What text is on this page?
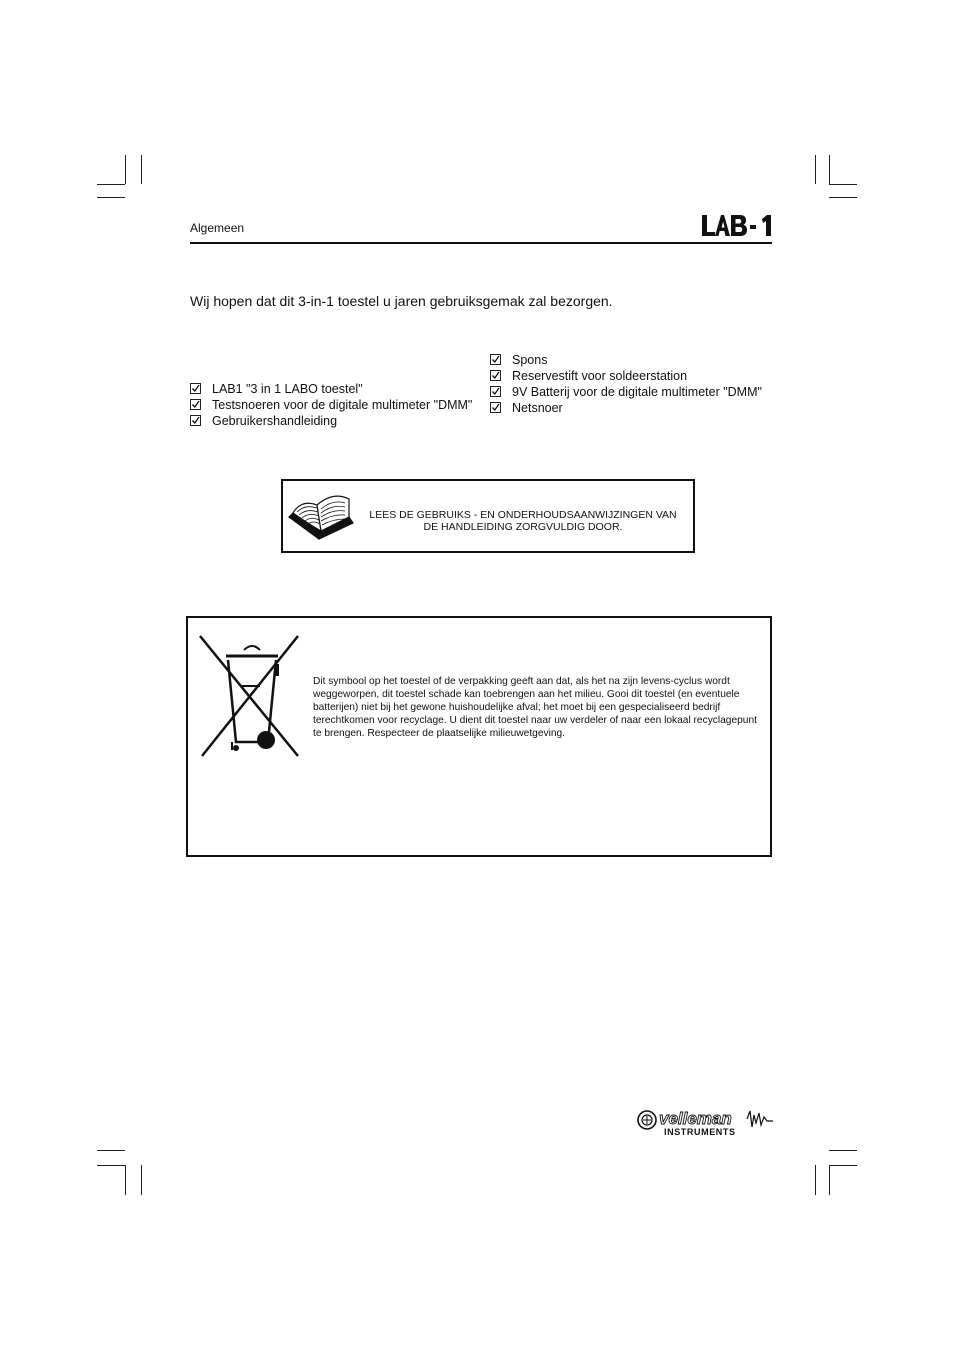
Algemeen

Wij hopen dat dit 3-in-1 toestel u jaren gebruiksgemak zal bezorgen.

LAB1 "3 in 1 LABO toestel"
Testsnoeren voor de digitale multimeter "DMM"
Gebruikershandleiding
Spons
Reservestift voor soldeerstation
9V Batterij voor de digitale multimeter "DMM"
Netsnoer
LEES DE GEBRUIKS - EN ONDERHOUDSAANWIJZINGEN VAN
DE HANDLEIDING ZORGVULDIG DOOR.

Dit symbool op het toestel of de verpakking geeft aan dat, als het na zijn levens-cyclus wordt weggeworpen, dit toestel schade kan toebrengen aan het milieu. Gooi dit toestel (en eventuele batterijen) niet bij het gewone huishoudelijke afval; het moet bij een gespecialiseerd bedrijf terechtkomen voor recyclage. U dient dit toestel naar uw verdeler of naar een lokaal recyclagepunt te brengen. Respecteer de plaatselijke milieuwetgeving.

velleman
INSTRUMENTS
